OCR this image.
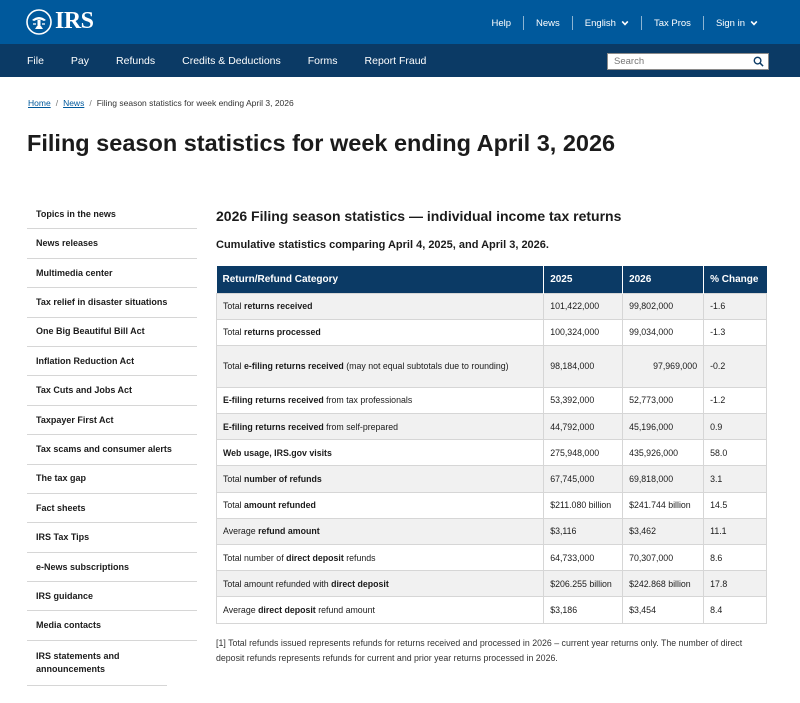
IRS	Help	News	English	Tax Pros	Sign in
File	Pay	Refunds	Credits & Deductions	Forms	Report Fraud
Search
Home / News / Filing season statistics for week ending April 3, 2026
Filing season statistics for week ending April 3, 2026
Topics in the news
News releases
Multimedia center
Tax relief in disaster situations
One Big Beautiful Bill Act
Inflation Reduction Act
Tax Cuts and Jobs Act
Taxpayer First Act
Tax scams and consumer alerts
The tax gap
Fact sheets
IRS Tax Tips
e-News subscriptions
IRS guidance
Media contacts
IRS statements and announcements
2026 Filing season statistics — individual income tax returns
Cumulative statistics comparing April 4, 2025, and April 3, 2026.
Return/Refund Category	2025	2026	% Change
Total returns received	101,422,000	99,802,000	-1.6
Total returns processed	100,324,000	99,034,000	-1.3
Total e-filing returns received (may not equal subtotals due to rounding)	98,184,000	97,969,000	-0.2
E-filing returns received from tax professionals	53,392,000	52,773,000	-1.2
E-filing returns received from self-prepared	44,792,000	45,196,000	0.9
Web usage, IRS.gov visits	275,948,000	435,926,000	58.0
Total number of refunds	67,745,000	69,818,000	3.1
Total amount refunded	$211.080 billion	$241.744 billion	14.5
Average refund amount	$3,116	$3,462	11.1
Total number of direct deposit refunds	64,733,000	70,307,000	8.6
Total amount refunded with direct deposit	$206.255 billion	$242.868 billion	17.8
Average direct deposit refund amount	$3,186	$3,454	8.4

[1] Total refunds issued represents refunds for returns received and processed in 2026 – current year returns only. The number of direct deposit refunds represents refunds for current and prior year returns processed in 2026.
